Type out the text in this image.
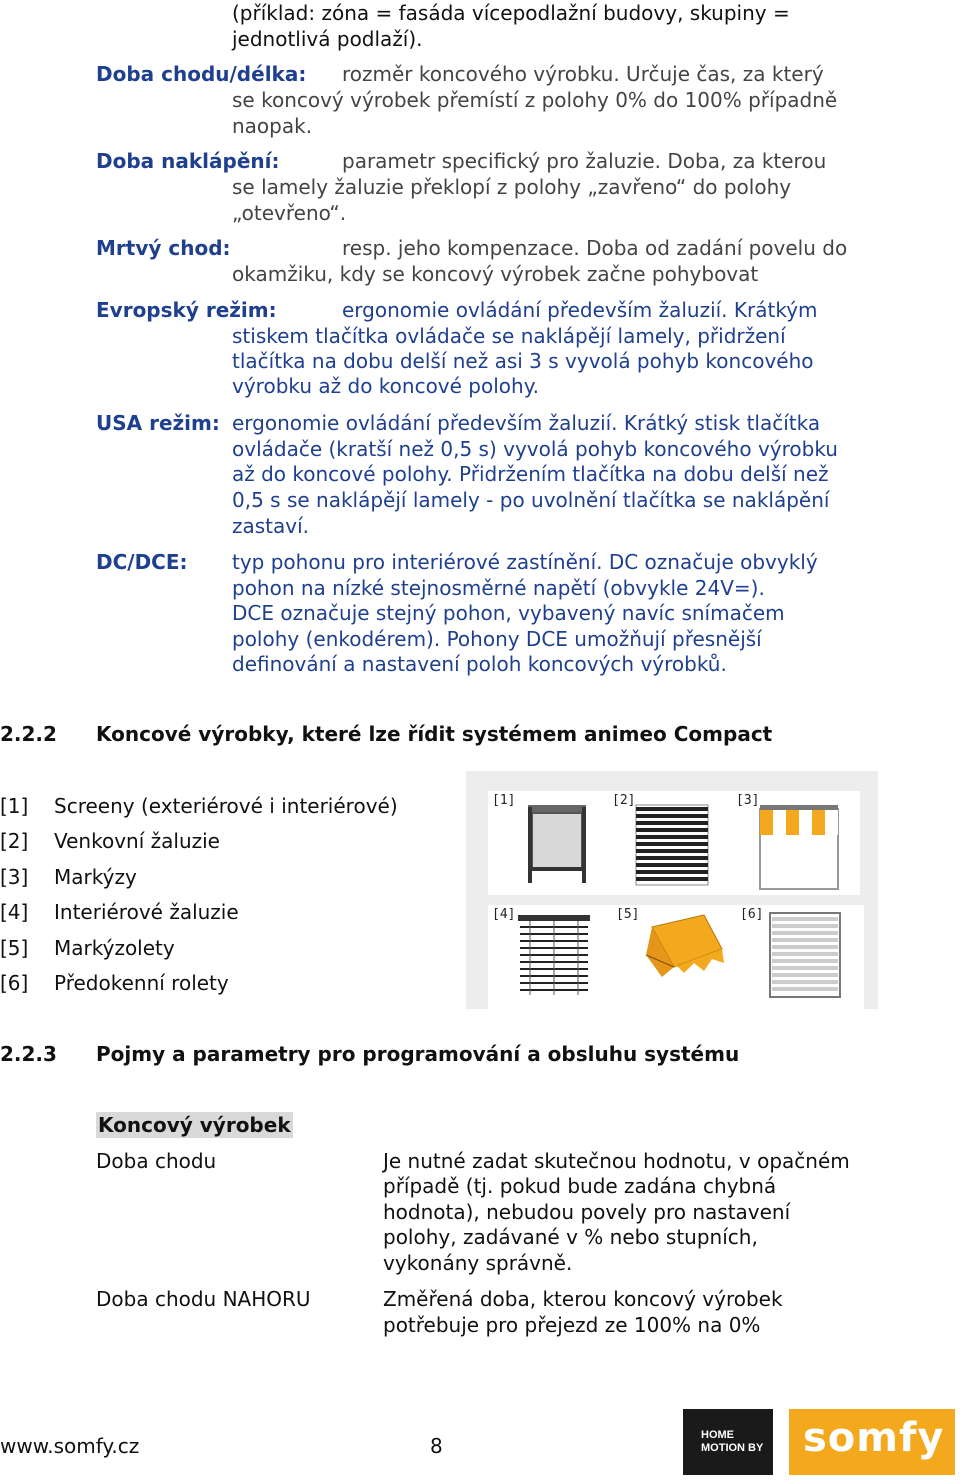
(příklad: zóna = fasáda vícepodlažní budovy, skupiny =
jednotlivá podlaží).
Doba chodu/délka: rozměr koncového výrobku. Určuje čas, za který
se koncový výrobek přemístí z polohy 0% do 100% případně
naopak.
Doba naklápění:	parametr specifický pro žaluzie. Doba, za kterou
se lamely žaluzie překlopí z polohy „zavřeno“ do polohy
„otevřeno“.
Mrtvý chod:	resp. jeho kompenzace. Doba od zadání povelu do
okamžiku, kdy se koncový výrobek začne pohybovat
Evropský režim:	ergonomie ovládání především žaluzií. Krátkým
stiskem tlačítka ovládače se naklápějí lamely, přidržení
tlačítka na dobu delší než asi 3 s vyvolá pohyb koncového
výrobku až do koncové polohy.
USA režim: ergonomie ovládání především žaluzií. Krátký stisk tlačítka
ovládače (kratší než 0,5 s) vyvolá pohyb koncového výrobku
až do koncové polohy. Přidržením tlačítka na dobu delší než
0,5 s se naklápějí lamely - po uvolnění tlačítka se naklápění
zastaví.
DC/DCE: typ pohonu pro interiérové zastínění. DC označuje obvyklý
pohon na nízké stejnosměrné napětí (obvykle 24V=).
DCE označuje stejný pohon, vybavený navíc snímačem
polohy (enkodérem). Pohony DCE umožňují přesnější
definování a nastavení poloh koncových výrobků.
2.2.2 Koncové výrobky, které lze řídit systémem animeo Compact
[1] Screeny (exteriérové i interiérové)
[2] Venkovní žaluzie
[3] Markýzy
[4] Interiérové žaluzie
[5] Markýzolety
[6] Předokenní rolety
[1]	[2]	[3]
[4]	[5]	[6]
2.2.3 Pojmy a parametry pro programování a obsluhu systému
Koncový výrobek
Doba chodu	Je nutné zadat skutečnou hodnotu, v opačném
případě (tj. pokud bude zadána chybná
hodnota), nebudou povely pro nastavení
polohy, zadávané v % nebo stupních,
vykonány správně.
Doba chodu NAHORU	Změřená doba, kterou koncový výrobek
potřebuje pro přejezd ze 100% na 0%
www.somfy.cz	8	HOME
MOTION BY somfy
